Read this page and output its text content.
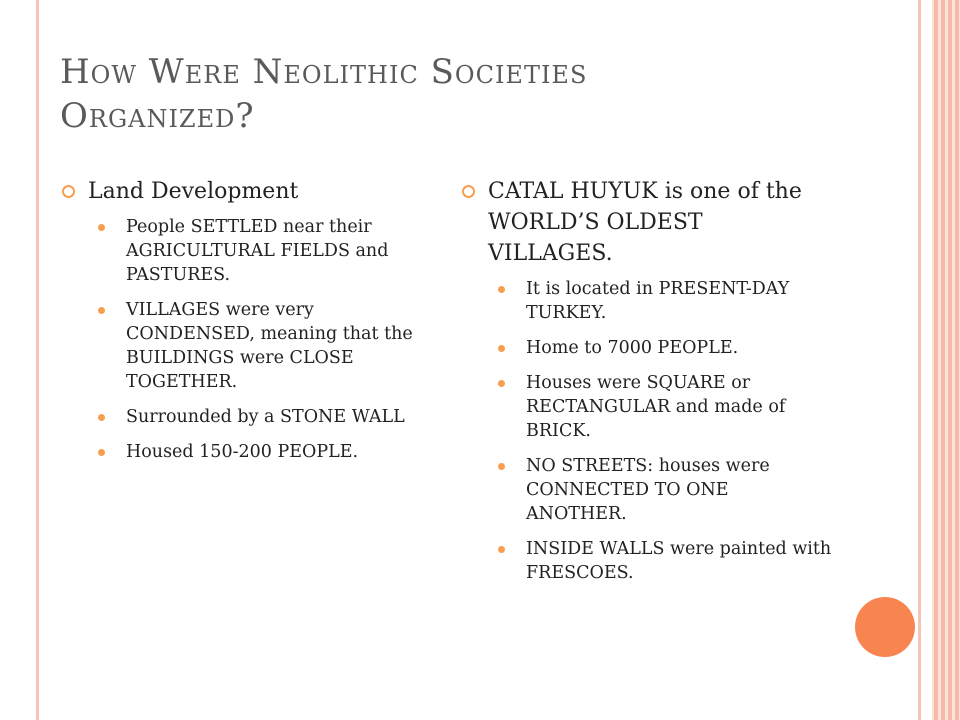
How Were Neolithic Societies
Organized?
Land Development
People SETTLED near their AGRICULTURAL FIELDS and PASTURES.
VILLAGES were very CONDENSED, meaning that the BUILDINGS were CLOSE TOGETHER.
Surrounded by a STONE WALL
Housed 150-200 PEOPLE.
CATAL HUYUK is one of the WORLD’S OLDEST VILLAGES.
It is located in PRESENT-DAY TURKEY.
Home to 7000 PEOPLE.
Houses were SQUARE or RECTANGULAR and made of BRICK.
NO STREETS: houses were CONNECTED TO ONE ANOTHER.
INSIDE WALLS were painted with FRESCOES.
